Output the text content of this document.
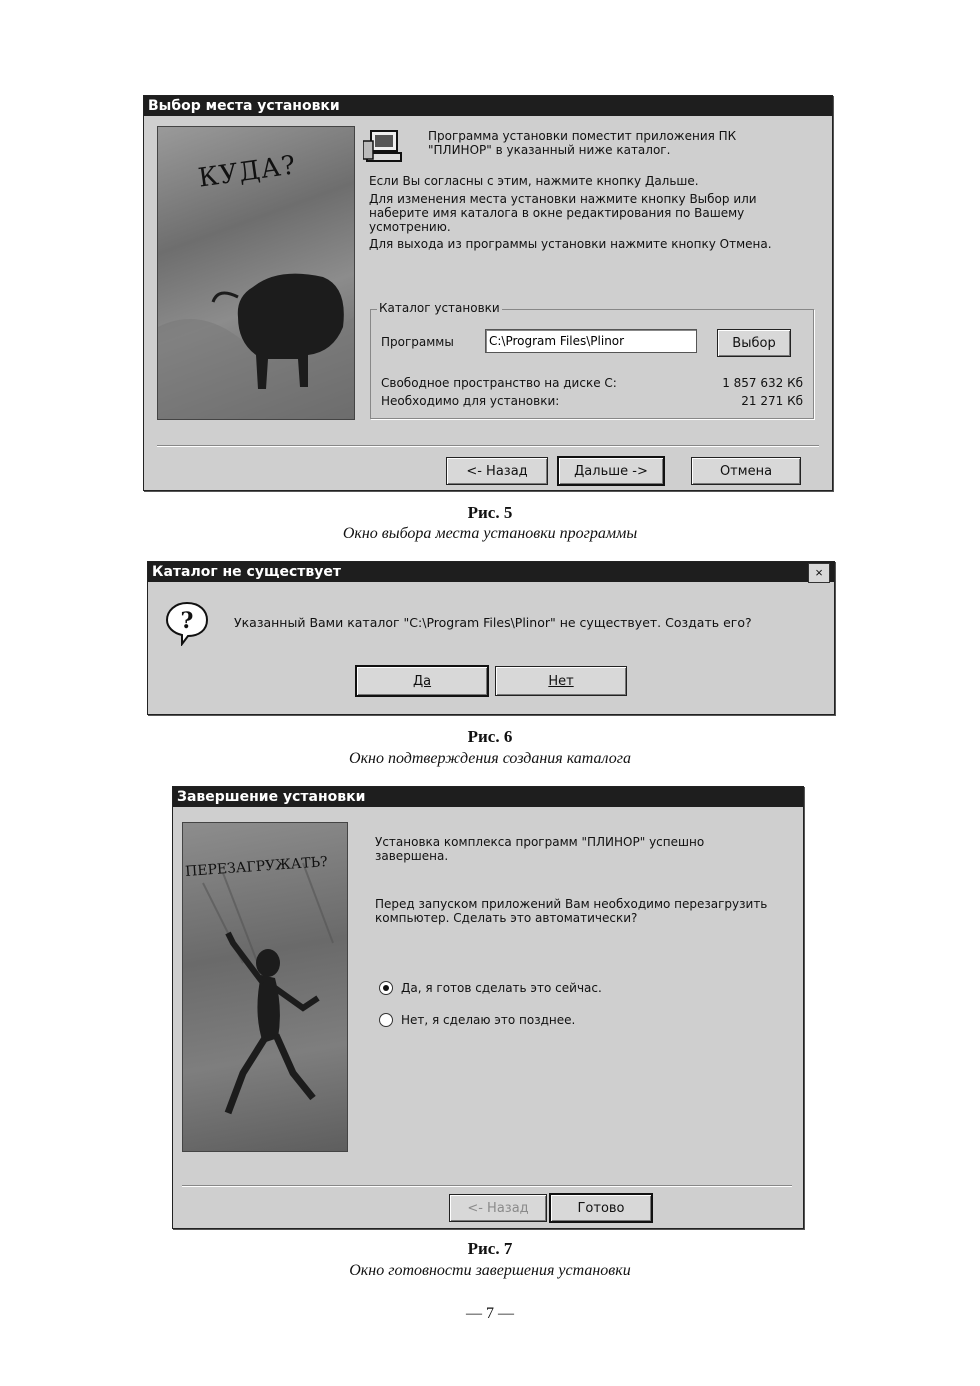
Выбор места установки
КУДА?
Программа установки поместит приложения ПК "ПЛИНОР" в указанный ниже каталог.
Если Вы согласны с этим, нажмите кнопку Дальше.
Для изменения места установки нажмите кнопку Выбор или наберите имя каталога в окне редактирования по Вашему усмотрению.
Для выхода из программы установки нажмите кнопку Отмена.
Каталог установки
Программы
C:\Program Files\Plinor	Выбор
Свободное пространство на диске C:	1 857 632 Кб
Необходимо для установки:	21 271 Кб
<- Назад	Дальше ->	Отмена
Рис. 5
Окно выбора места установки программы
Каталог не существует	×
?	Указанный Вами каталог "C:\Program Files\Plinor" не существует. Создать его?
Да	Нет
Рис. 6
Окно подтверждения создания каталога
Завершение установки
ПЕРЕЗАГРУЖАТЬ?
Установка комплекса программ "ПЛИНОР" успешно завершена.
Перед запуском приложений Вам необходимо перезагрузить компьютер. Сделать это автоматически?
Да, я готов сделать это сейчас.
Нет, я сделаю это позднее.
<- Назад	Готово
Рис. 7
Окно готовности завершения установки
— 7 —
